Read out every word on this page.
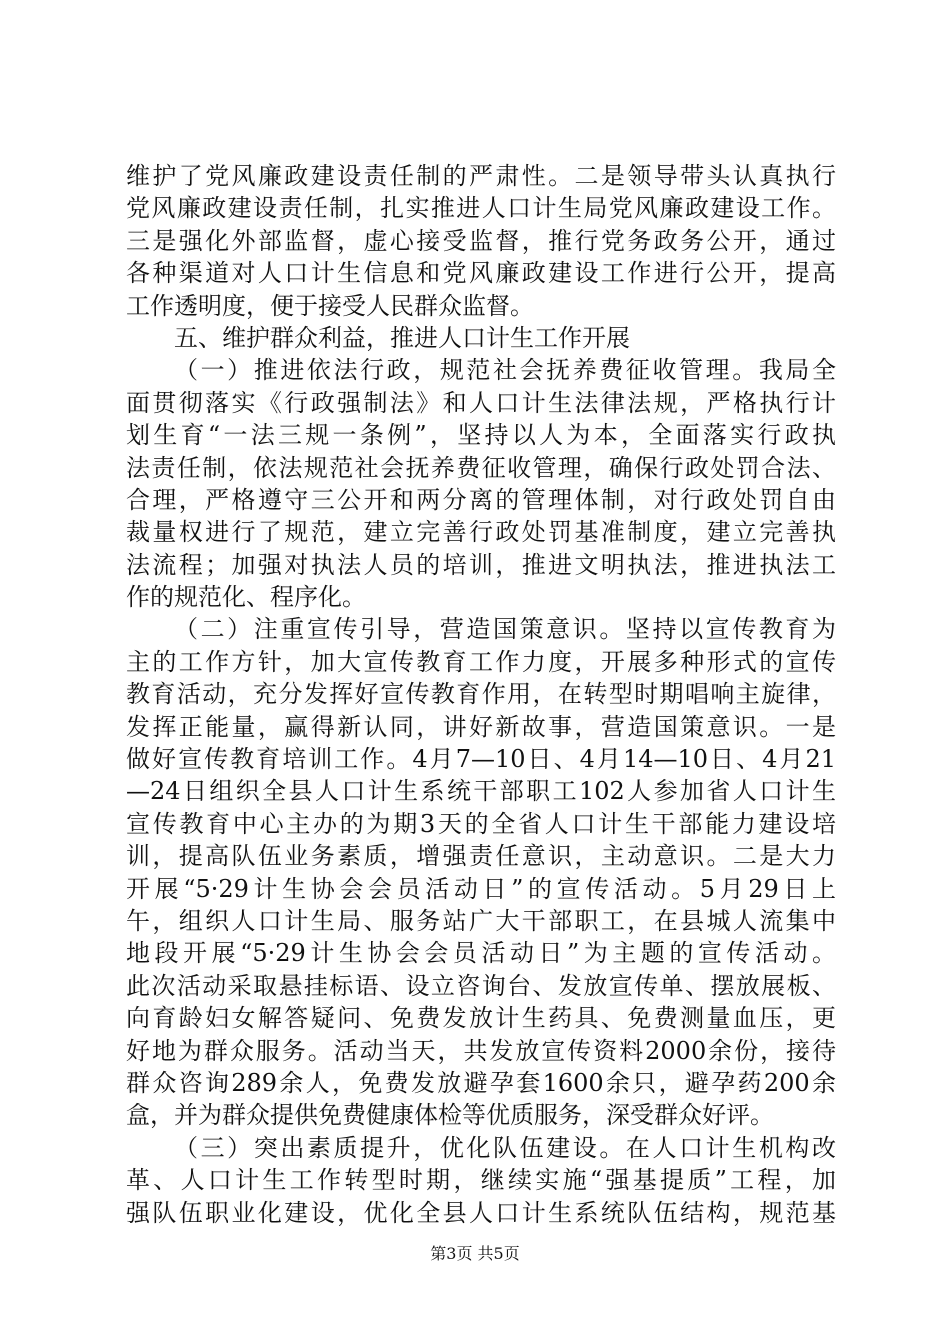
维护了党风廉政建设责任制的严肃性。二是领导带头认真执行
党风廉政建设责任制，扎实推进人口计生局党风廉政建设工作。
三是强化外部监督，虚心接受监督，推行党务政务公开，通过
各种渠道对人口计生信息和党风廉政建设工作进行公开，提高
工作透明度，便于接受人民群众监督。
五、维护群众利益，推进人口计生工作开展
（一）推进依法行政，规范社会抚养费征收管理。我局全
面贯彻落实《行政强制法》和人口计生法律法规，严格执行计
划生育“一法三规一条例”，坚持以人为本，全面落实行政执
法责任制，依法规范社会抚养费征收管理，确保行政处罚合法、
合理，严格遵守三公开和两分离的管理体制，对行政处罚自由
裁量权进行了规范，建立完善行政处罚基准制度，建立完善执
法流程；加强对执法人员的培训，推进文明执法，推进执法工
作的规范化、程序化。
（二）注重宣传引导，营造国策意识。坚持以宣传教育为
主的工作方针，加大宣传教育工作力度，开展多种形式的宣传
教育活动，充分发挥好宣传教育作用，在转型时期唱响主旋律，
发挥正能量，赢得新认同，讲好新故事，营造国策意识。一是
做好宣传教育培训工作。4月7—10日、4月14—10日、4月21
—24日组织全县人口计生系统干部职工102人参加省人口计生
宣传教育中心主办的为期3天的全省人口计生干部能力建设培
训，提高队伍业务素质，增强责任意识，主动意识。二是大力
开展“5·29计生协会会员活动日”的宣传活动。5月29日上
午，组织人口计生局、服务站广大干部职工，在县城人流集中
地段开展“5·29计生协会会员活动日”为主题的宣传活动。
此次活动采取悬挂标语、设立咨询台、发放宣传单、摆放展板、
向育龄妇女解答疑问、免费发放计生药具、免费测量血压，更
好地为群众服务。活动当天，共发放宣传资料2000余份，接待
群众咨询289余人，免费发放避孕套1600余只，避孕药200余
盒，并为群众提供免费健康体检等优质服务，深受群众好评。
（三）突出素质提升，优化队伍建设。在人口计生机构改
革、人口计生工作转型时期，继续实施“强基提质”工程，加
强队伍职业化建设，优化全县人口计生系统队伍结构，规范基
第3页 共5页
